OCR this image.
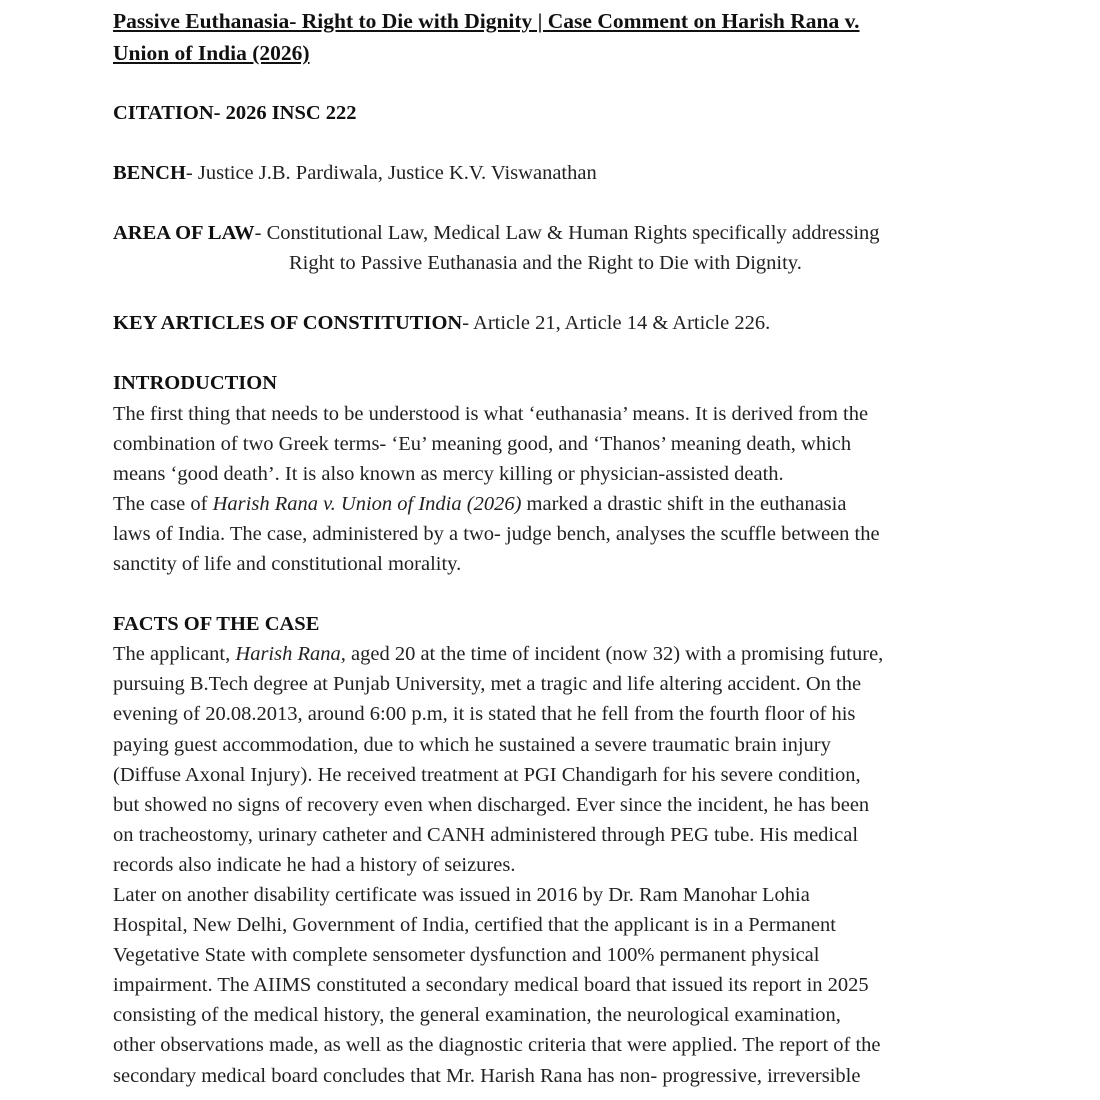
Passive Euthanasia- Right to Die with Dignity | Case Comment on Harish Rana v.
Union of India (2026)
CITATION- 2026 INSC 222
BENCH- Justice J.B. Pardiwala, Justice K.V. Viswanathan
AREA OF LAW- Constitutional Law, Medical Law & Human Rights specifically addressing
Right to Passive Euthanasia and the Right to Die with Dignity.
KEY ARTICLES OF CONSTITUTION- Article 21, Article 14 & Article 226.
INTRODUCTION
The first thing that needs to be understood is what ‘euthanasia’ means. It is derived from the
combination of two Greek terms- ‘Eu’ meaning good, and ‘Thanos’ meaning death, which
means ‘good death’. It is also known as mercy killing or physician-assisted death.
The case of Harish Rana v. Union of India (2026) marked a drastic shift in the euthanasia
laws of India. The case, administered by a two- judge bench, analyses the scuffle between the
sanctity of life and constitutional morality.
FACTS OF THE CASE
The applicant, Harish Rana, aged 20 at the time of incident (now 32) with a promising future,
pursuing B.Tech degree at Punjab University, met a tragic and life altering accident. On the
evening of 20.08.2013, around 6:00 p.m, it is stated that he fell from the fourth floor of his
paying guest accommodation, due to which he sustained a severe traumatic brain injury
(Diffuse Axonal Injury). He received treatment at PGI Chandigarh for his severe condition,
but showed no signs of recovery even when discharged. Ever since the incident, he has been
on tracheostomy, urinary catheter and CANH administered through PEG tube. His medical
records also indicate he had a history of seizures.
Later on another disability certificate was issued in 2016 by Dr. Ram Manohar Lohia
Hospital, New Delhi, Government of India, certified that the applicant is in a Permanent
Vegetative State with complete sensometer dysfunction and 100% permanent physical
impairment. The AIIMS constituted a secondary medical board that issued its report in 2025
consisting of the medical history, the general examination, the neurological examination,
other observations made, as well as the diagnostic criteria that were applied. The report of the
secondary medical board concludes that Mr. Harish Rana has non- progressive, irreversible
